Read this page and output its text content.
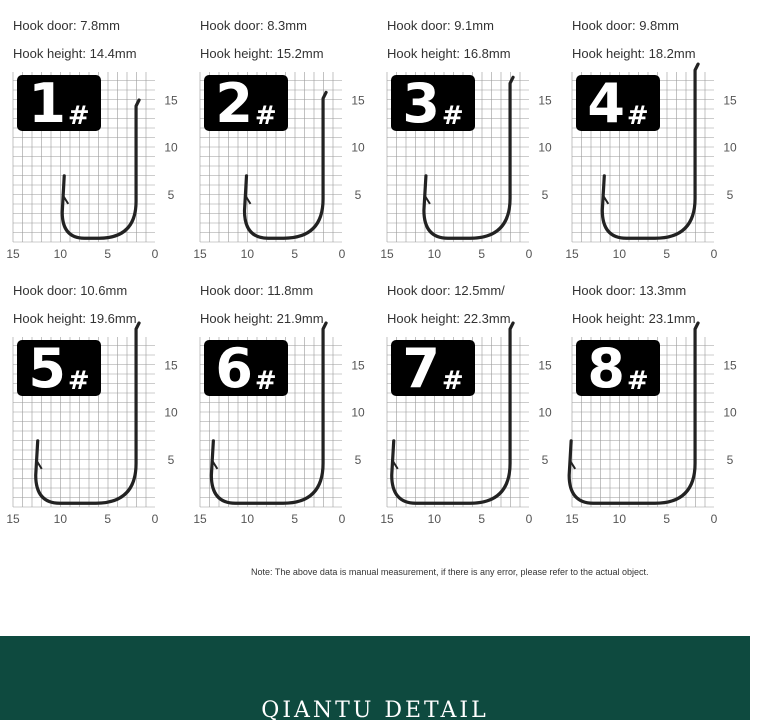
Hook door: 7.8mm
Hook height: 14.4mm
15	10	5	0
15
10
5
1 #
Hook door: 8.3mm
Hook height: 15.2mm
15	10	5	0
15
10
5
2 #
Hook door: 9.1mm
Hook height: 16.8mm
15	10	5	0
15
10
5
3 #
Hook door: 9.8mm
Hook height: 18.2mm
15	10	5	0
15
10
5
4 #
Hook door: 10.6mm
Hook height: 19.6mm
15	10	5	0
15
10
5
5 #
Hook door: 11.8mm
Hook height: 21.9mm
15	10	5	0
15
10
5
6 #
Hook door: 12.5mm/
Hook height: 22.3mm
15	10	5	0
15
10
5
7 #
Hook door: 13.3mm
Hook height: 23.1mm
15	10	5	0
15
10
5
8 #
Note: The above data is manual measurement, if there is any error, please refer to the actual object.
QIANTU DETAIL
